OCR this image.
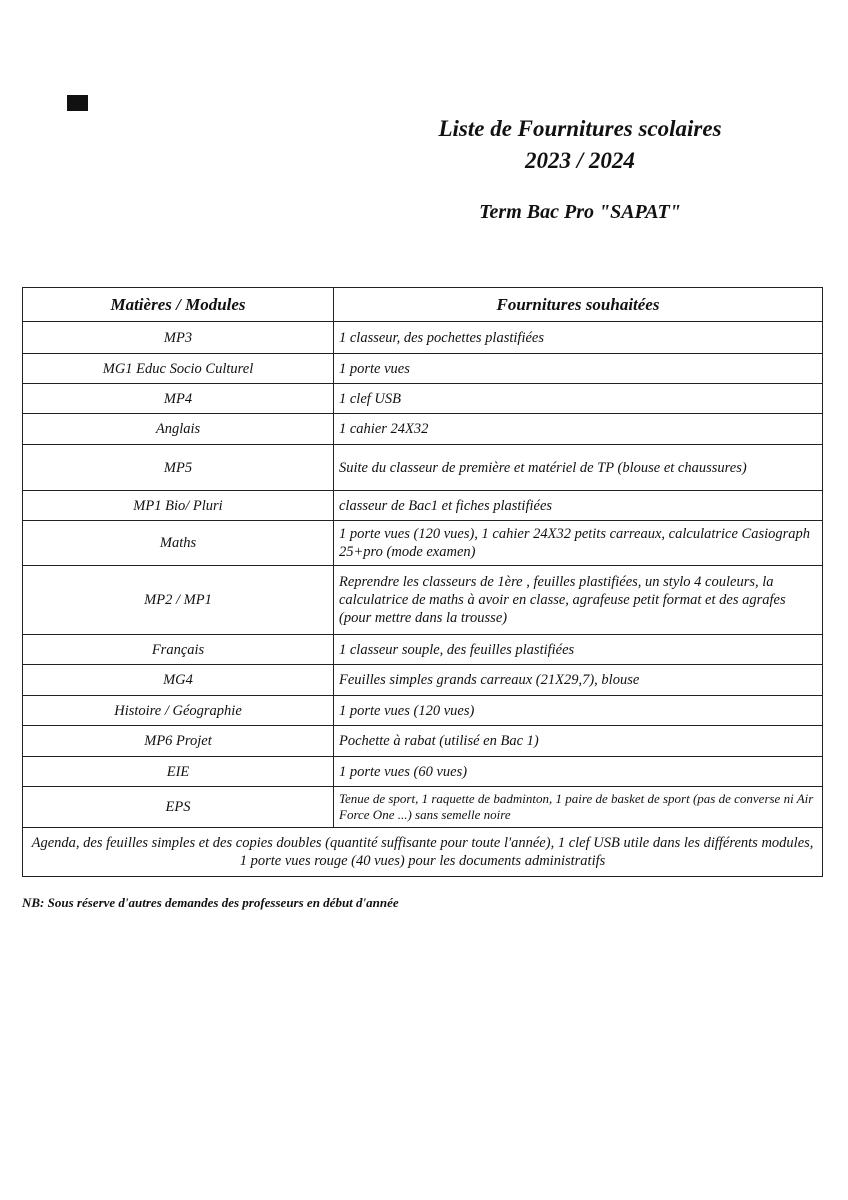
Liste de Fournitures scolaires
2023 / 2024
Term Bac Pro "SAPAT"
Matières / Modules	Fournitures souhaitées
MP3	1 classeur, des pochettes plastifiées
MG1 Educ Socio Culturel	1 porte vues
MP4	1 clef USB
Anglais	1 cahier 24X32
MP5	Suite du classeur de première et matériel de TP (blouse et chaussures)
MP1 Bio/ Pluri	classeur de Bac1 et fiches plastifiées
Maths	1 porte vues (120 vues), 1 cahier 24X32 petits carreaux, calculatrice Casiograph 25+pro (mode examen)
MP2 / MP1	Reprendre les classeurs de 1ère , feuilles plastifiées, un stylo 4 couleurs, la calculatrice de maths à avoir en classe, agrafeuse petit format et des agrafes (pour mettre dans la trousse)
Français	1 classeur souple, des feuilles plastifiées
MG4	Feuilles simples grands carreaux (21X29,7), blouse
Histoire / Géographie	1 porte vues (120 vues)
MP6 Projet	Pochette à rabat (utilisé en Bac 1)
EIE	1 porte vues (60 vues)
EPS	Tenue de sport, 1 raquette de badminton, 1 paire de basket de sport (pas de converse ni Air Force One ...) sans semelle noire
Agenda, des feuilles simples et des copies doubles (quantité suffisante pour toute l'année), 1 clef USB utile dans les différents modules, 1 porte vues rouge (40 vues) pour les documents administratifs	
NB: Sous réserve d'autres demandes des professeurs en début d'année
